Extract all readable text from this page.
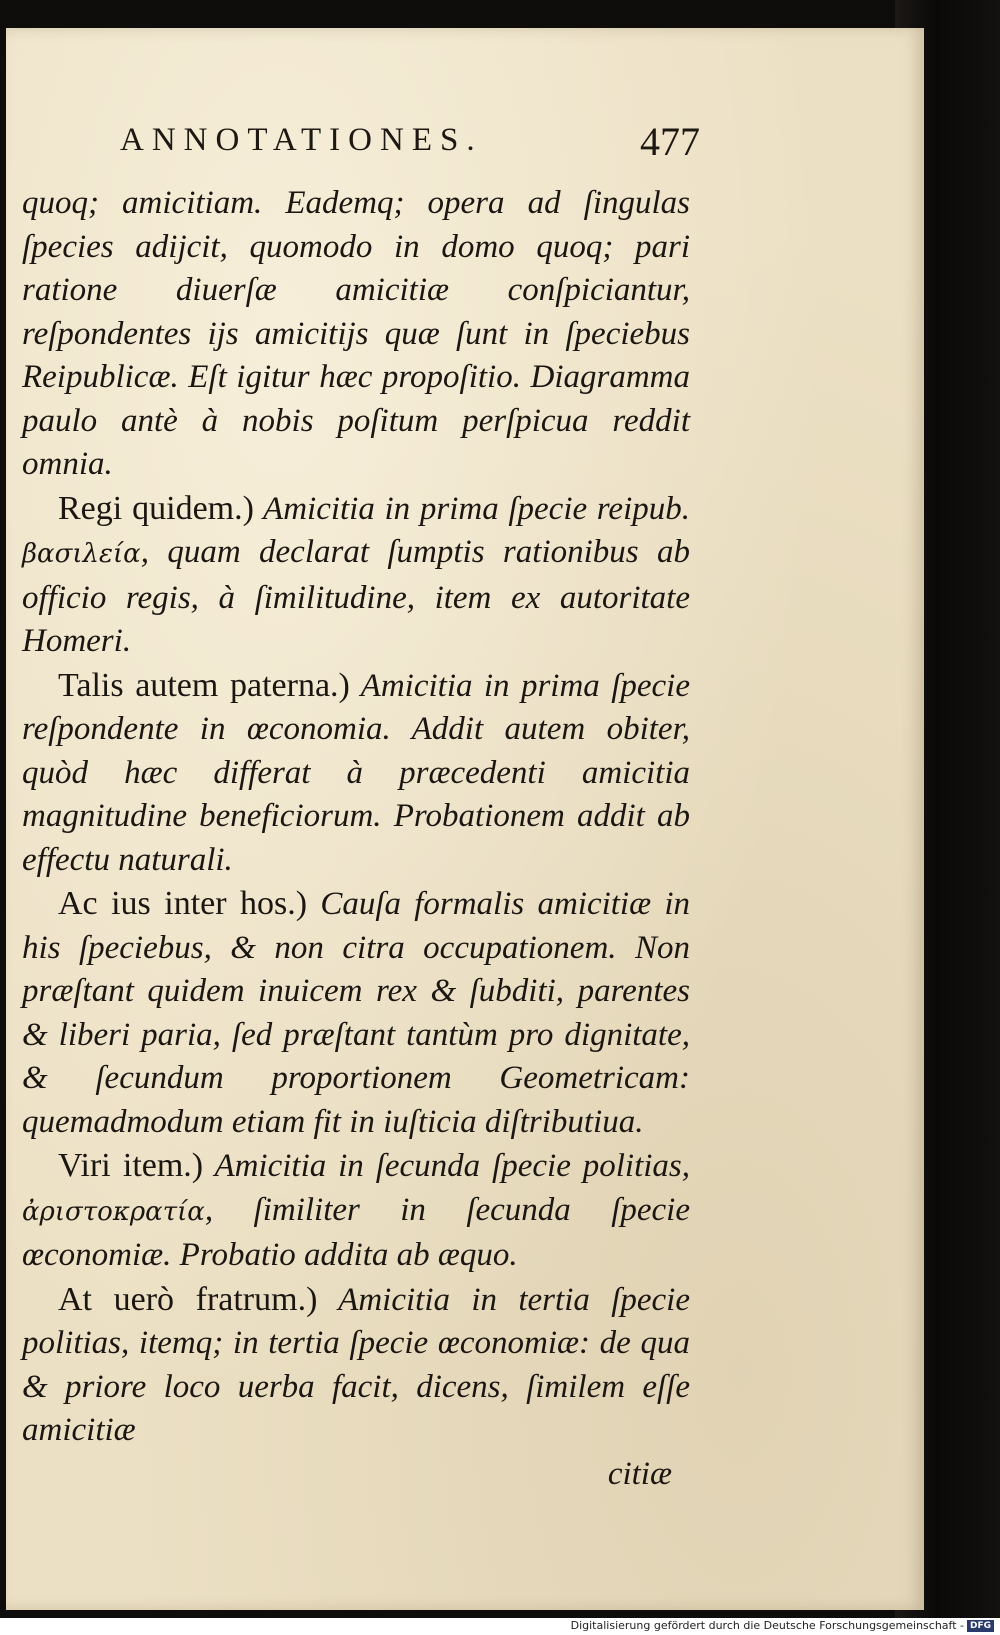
ANNOTATIONES.	477

quoq; amicitiam. Eademq; opera ad ſingulas ſpecies adijcit, quomodo in domo quoq; pari ratione diuerſæ amicitiæ conſpiciantur, reſpondentes ijs amicitijs quæ ſunt in ſpeciebus Reipublicæ. Eſt igitur hæc propoſitio. Diagramma paulo antè à nobis poſitum perſpicua reddit omnia.

Regi quidem.) Amicitia in prima ſpecie reipub. βασιλεία, quam declarat ſumptis rationibus ab officio regis, à ſimilitudine, item ex autoritate Homeri.

Talis autem paterna.) Amicitia in prima ſpecie reſpondente in œconomia. Addit autem obiter, quòd hæc differat à præcedenti amicitia magnitudine beneficiorum. Probationem addit ab effectu naturali.

Ac ius inter hos.) Cauſa formalis amicitiæ in his ſpeciebus, & non citra occupationem. Non præſtant quidem inuicem rex & ſubditi, parentes & liberi paria, ſed præſtant tantùm pro dignitate, & ſecundum proportionem Geometricam: quemadmodum etiam fit in iuſticia diſtributiua.

Viri item.) Amicitia in ſecunda ſpecie politias, ἀριστοκρατία, ſimiliter in ſecunda ſpecie œconomiæ. Probatio addita ab æquo.

At uerò fratrum.) Amicitia in tertia ſpecie politias, itemq; in tertia ſpecie œconomiæ: de qua & priore loco uerba facit, dicens, ſimilem eſſe amicitiæ

citiæ

Digitalisierung gefördert durch die Deutsche Forschungsgemeinschaft - DFG
